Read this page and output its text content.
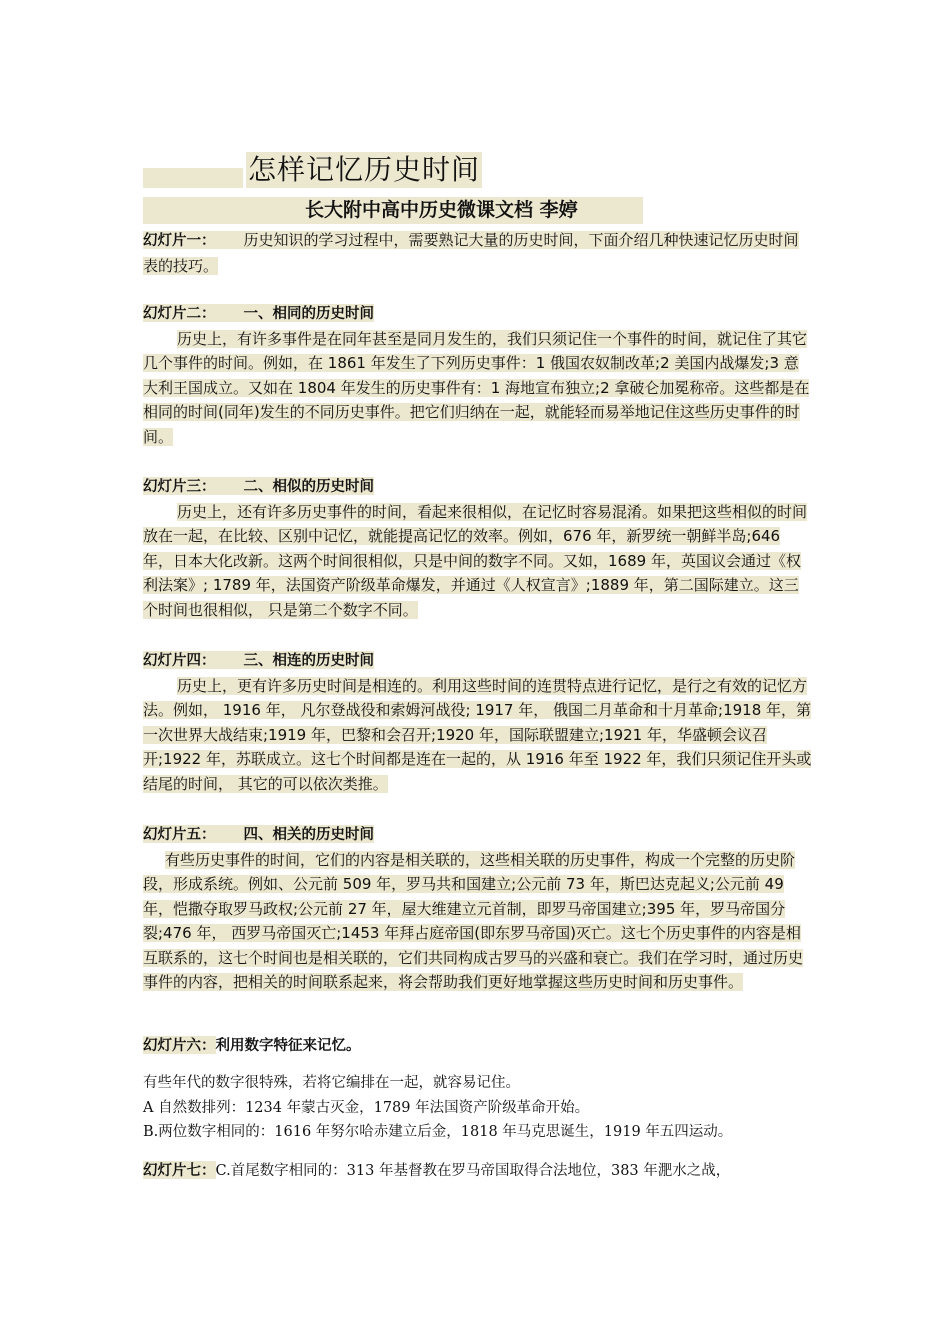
怎样记忆历史时间
长大附中高中历史微课文档 李婷

幻灯片一： 历史知识的学习过程中，需要熟记大量的历史时间，下面介绍几种快速记忆历史时间表的技巧。

幻灯片二： 一、相同的历史时间

历史上，有许多事件是在同年甚至是同月发生的，我们只须记住一个事件的时间，就记住了其它几个事件的时间。例如，在 1861 年发生了下列历史事件：1 俄国农奴制改革;2 美国内战爆发;3 意大利王国成立。又如在 1804 年发生的历史事件有：1 海地宣布独立;2 拿破仑加冕称帝。这些都是在相同的时间(同年)发生的不同历史事件。把它们归纳在一起，就能轻而易举地记住这些历史事件的时间。

幻灯片三： 二、相似的历史时间

历史上，还有许多历史事件的时间，看起来很相似，在记忆时容易混淆。如果把这些相似的时间放在一起，在比较、区别中记忆，就能提高记忆的效率。例如，676 年，新罗统一朝鲜半岛;646 年，日本大化改新。这两个时间很相似，只是中间的数字不同。又如，1689 年，英国议会通过《权利法案》; 1789 年，法国资产阶级革命爆发，并通过《人权宣言》;1889 年，第二国际建立。这三个时间也很相似， 只是第二个数字不同。

幻灯片四： 三、相连的历史时间

历史上，更有许多历史时间是相连的。利用这些时间的连贯特点进行记忆，是行之有效的记忆方法。例如， 1916 年， 凡尔登战役和索姆河战役; 1917 年， 俄国二月革命和十月革命;1918 年，第一次世界大战结束;1919 年，巴黎和会召开;1920 年，国际联盟建立;1921 年，华盛顿会议召开;1922 年，苏联成立。这七个时间都是连在一起的，从 1916 年至 1922 年，我们只须记住开头或结尾的时间， 其它的可以依次类推。

幻灯片五： 四、相关的历史时间

有些历史事件的时间，它们的内容是相关联的，这些相关联的历史事件，构成一个完整的历史阶段，形成系统。例如、公元前 509 年，罗马共和国建立;公元前 73 年，斯巴达克起义;公元前 49 年，恺撒夺取罗马政权;公元前 27 年，屋大维建立元首制，即罗马帝国建立;395 年，罗马帝国分裂;476 年， 西罗马帝国灭亡;1453 年拜占庭帝国(即东罗马帝国)灭亡。这七个历史事件的内容是相互联系的，这七个时间也是相关联的，它们共同构成古罗马的兴盛和衰亡。我们在学习时，通过历史事件的内容，把相关的时间联系起来，将会帮助我们更好地掌握这些历史时间和历史事件。

幻灯片六：利用数字特征来记忆。

有些年代的数字很特殊，若将它编排在一起，就容易记住。

A 自然数排列：1234 年蒙古灭金，1789 年法国资产阶级革命开始。

B.两位数字相同的：1616 年努尔哈赤建立后金，1818 年马克思诞生，1919 年五四运动。

幻灯片七：C.首尾数字相同的：313 年基督教在罗马帝国取得合法地位，383 年淝水之战，
